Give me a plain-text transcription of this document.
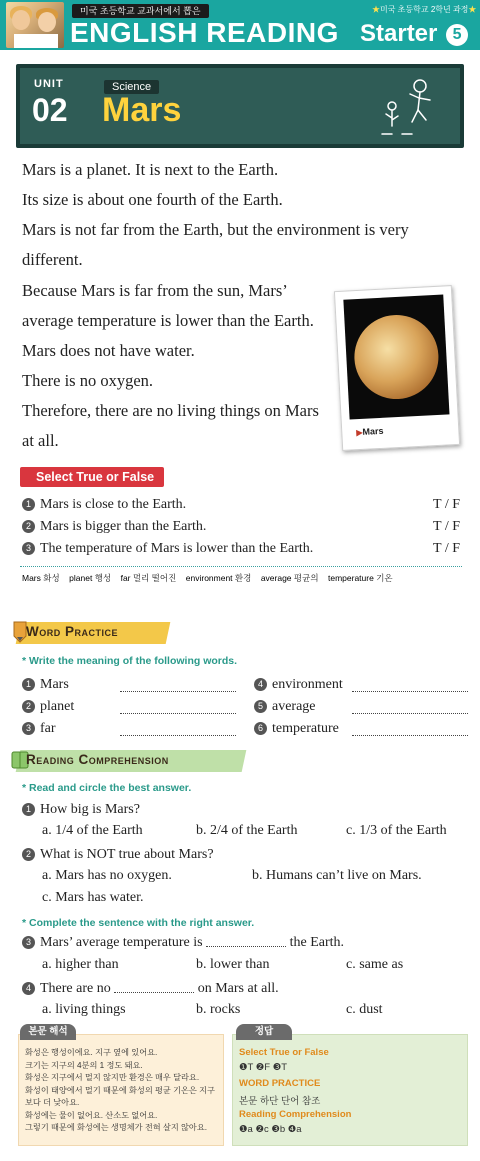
미국 초등학교 교과서에서 뽑은
ENGLISH READING
★미국 초등학교 2학년 과정★
Starter 5
UNIT
02
Science
Mars

Mars is a planet. It is next to the Earth.

Its size is about one fourth of the Earth.

Mars is not far from the Earth, but the environment is very

different.

Because Mars is far from the sun, Mars’

average temperature is lower than the Earth.

Mars does not have water.

There is no oxygen.

Therefore, there are no living things on Mars

at all.	▶Mars
Select True or False
1 Mars is close to the Earth.	T / F
2 Mars is bigger than the Earth.	T / F
3 The temperature of Mars is lower than the Earth.	T / F
Mars 화성 planet 행성 far 멀리 떨어진 environment 환경 average 평균의 temperature 기온
Word Practice
* Write the meaning of the following words.
1 Mars
2 planet
3 far
4 environment
5 average
6 temperature
Reading Comprehension
* Read and circle the best answer.
1 How big is Mars?
a. 1/4 of the Earth	b. 2/4 of the Earth	c. 1/3 of the Earth
2 What is NOT true about Mars?
a. Mars has no oxygen.	b. Humans can’t live on Mars.
c. Mars has water.
* Complete the sentence with the right answer.
3 Mars’ average temperature is	the Earth.
a. higher than	b. lower than	c. same as
4 There are no	on Mars at all.
a. living things	b. rocks	c. dust
화성은 행성이에요. 지구 옆에 있어요.
크기는 지구의 4분의 1 정도 돼요.
화성은 지구에서 멀지 않지만 환경은 매우 달라요.
화성이 태양에서 멀기 때문에 화성의 평균 기온은 지구
보다 더 낮아요.
화성에는 물이 없어요. 산소도 없어요.
그렇기 때문에 화성에는 생명체가 전혀 살지 않아요.
본문 해석
Select True or False
❶T ❷F ❸T
WORD PRACTICE
본문 하단 단어 참조
Reading Comprehension
❶a ❷c ❸b ❹a
정답
